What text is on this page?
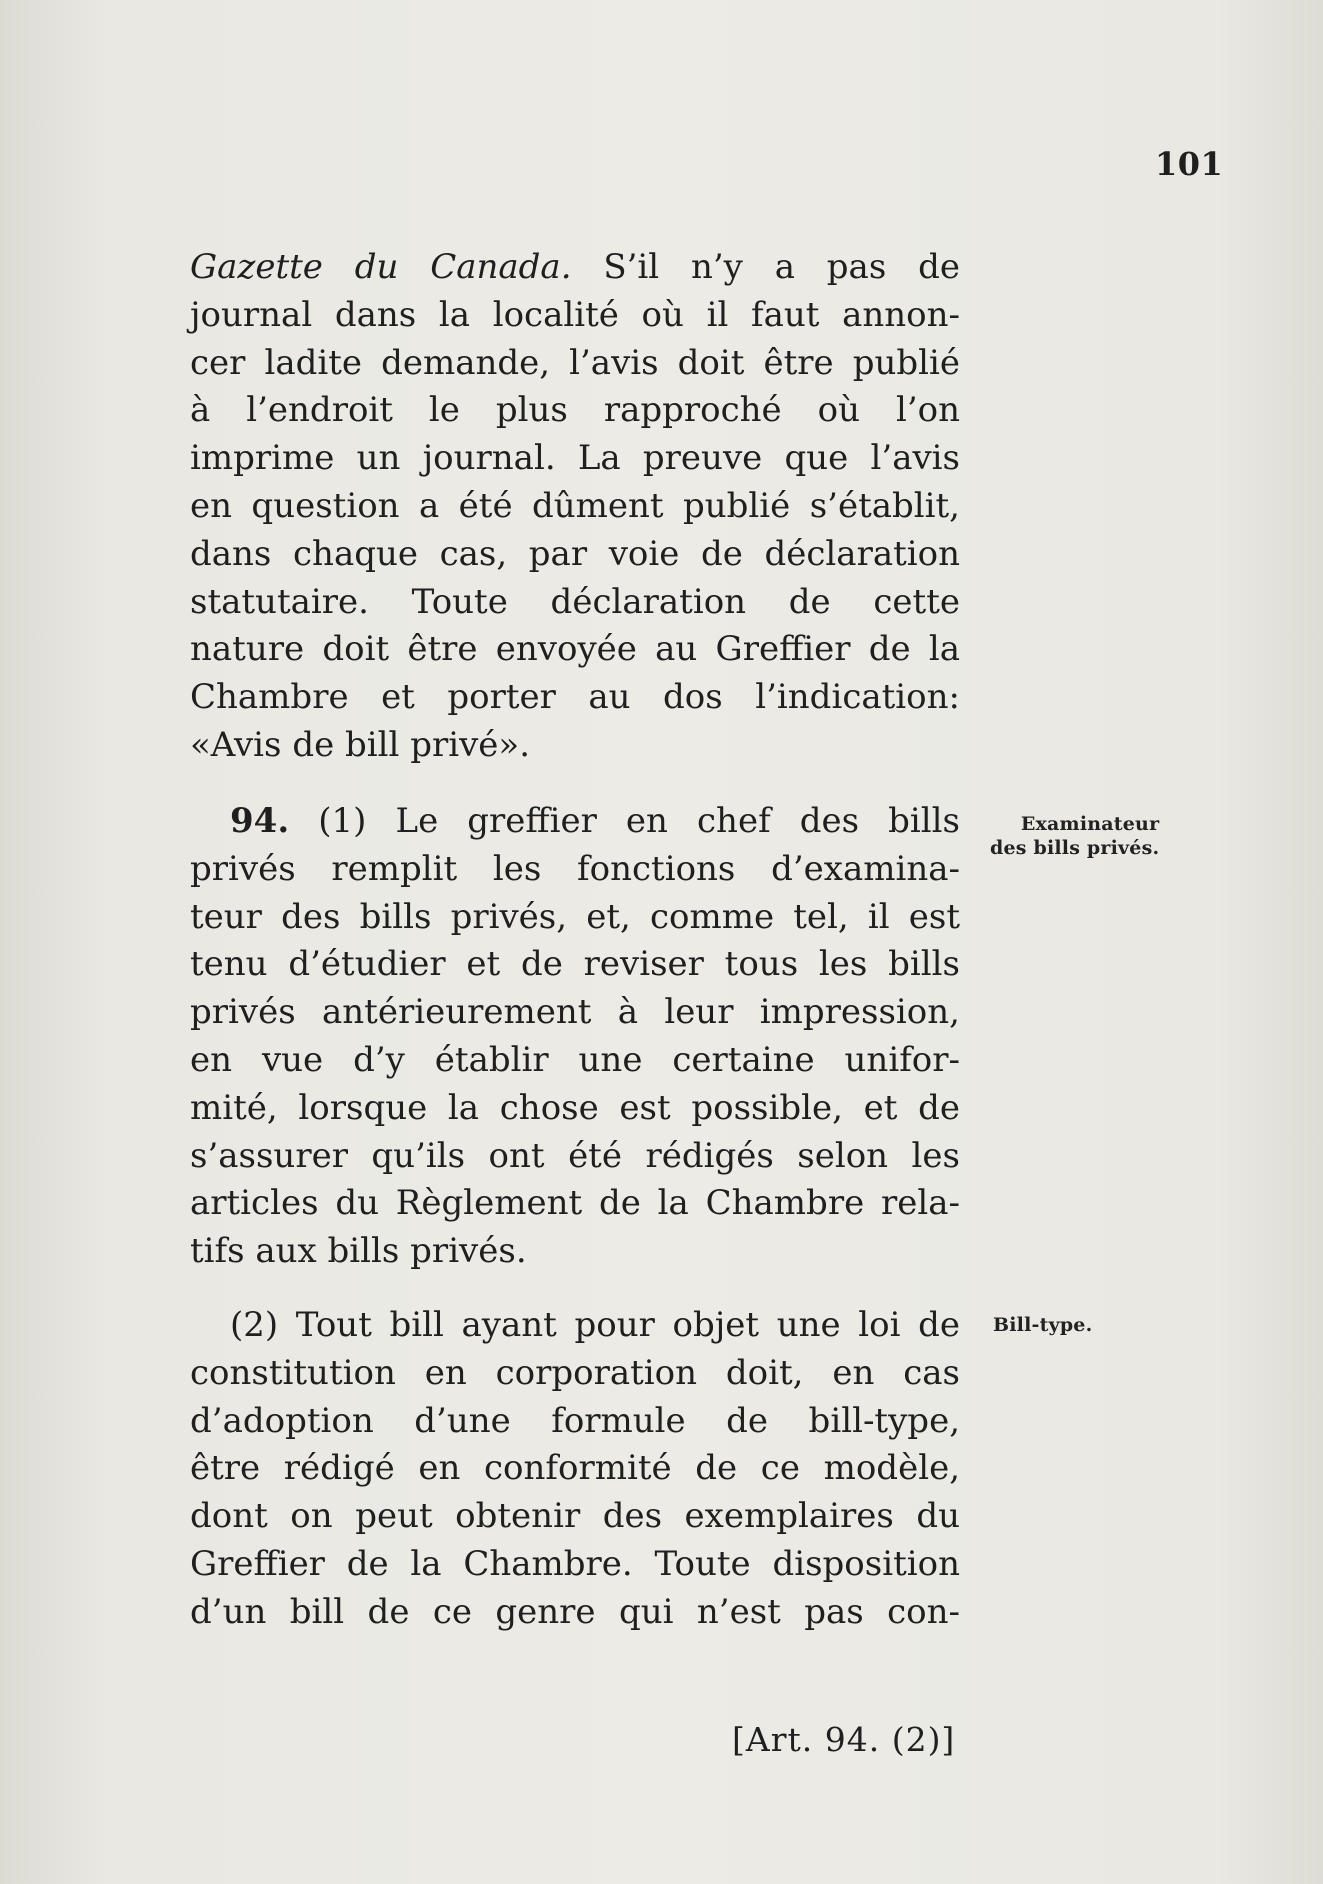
101
Gazette du Canada. S’il n’y a pas de
journal dans la localité où il faut annon-
cer ladite demande, l’avis doit être publié
à l’endroit le plus rapproché où l’on
imprime un journal. La preuve que l’avis
en question a été dûment publié s’établit,
dans chaque cas, par voie de déclaration
statutaire. Toute déclaration de cette
nature doit être envoyée au Greffier de la
Chambre et porter au dos l’indication:
«Avis de bill privé».
94. (1) Le greffier en chef des bills
privés remplit les fonctions d’examina-
teur des bills privés, et, comme tel, il est
tenu d’étudier et de reviser tous les bills
privés antérieurement à leur impression,
en vue d’y établir une certaine unifor-
mité, lorsque la chose est possible, et de
s’assurer qu’ils ont été rédigés selon les
articles du Règlement de la Chambre rela-
tifs aux bills privés.
(2) Tout bill ayant pour objet une loi de
constitution en corporation doit, en cas
d’adoption d’une formule de bill-type,
être rédigé en conformité de ce modèle,
dont on peut obtenir des exemplaires du
Greffier de la Chambre. Toute disposition
d’un bill de ce genre qui n’est pas con-
Examinateur
des bills privés.
Bill-type.
[Art. 94. (2)]
